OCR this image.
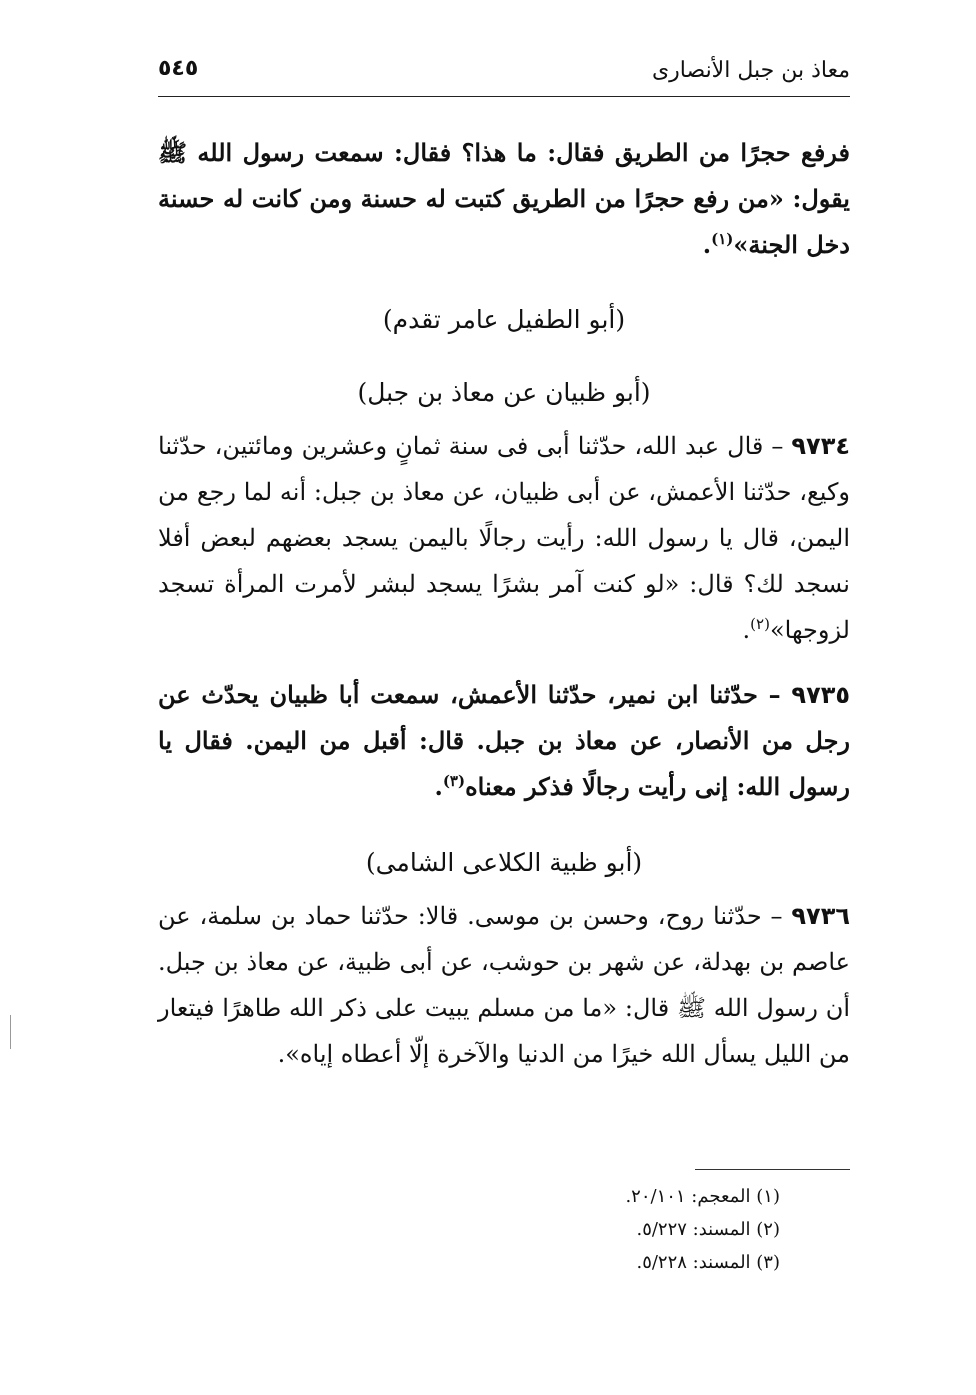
معاذ بن جبل الأنصارى
٥٤٥
فرفع حجرًا من الطريق فقال: ما هذا؟ فقال: سمعت رسول الله ﷺ يقول: «من رفع حجرًا من الطريق كتبت له حسنة ومن كانت له حسنة دخل الجنة»$^{(١)}$.
(أبو الطفيل عامر تقدم)
(أبو ظبيان عن معاذ بن جبل)
٩٧٣٤ – قال عبد الله، حدّثنا أبى فى سنة ثمانٍ وعشرين ومائتين، حدّثنا وكيع، حدّثنا الأعمش، عن أبى ظبيان، عن معاذ بن جبل: أنه لما رجع من اليمن، قال يا رسول الله: رأيت رجالًا باليمن يسجد بعضهم لبعض أفلا نسجد لك؟ قال: «لو كنت آمر بشرًا يسجد لبشر لأمرت المرأة تسجد لزوجها»$^{(٢)}$.
٩٧٣٥ – حدّثنا ابن نمير، حدّثنا الأعمش، سمعت أبا ظبيان يحدّث عن رجل من الأنصار، عن معاذ بن جبل. قال: أقبل من اليمن. فقال يا رسول الله: إنى رأيت رجالًا فذكر معناه$^{(٣)}$.
(أبو ظبية الكلاعى الشامى)
٩٧٣٦ – حدّثنا روح، وحسن بن موسى. قالا: حدّثنا حماد بن سلمة، عن عاصم بن بهدلة، عن شهر بن حوشب، عن أبى ظبية، عن معاذ بن جبل. أن رسول الله ﷺ قال: «ما من مسلم يبيت على ذكر الله طاهرًا فيتعار من الليل يسأل الله خيرًا من الدنيا والآخرة إلّا أعطاه إياه».
(١) المعجم: ٢٠/١٠١.
(٢) المسند: ٥/٢٢٧.
(٣) المسند: ٥/٢٢٨.
